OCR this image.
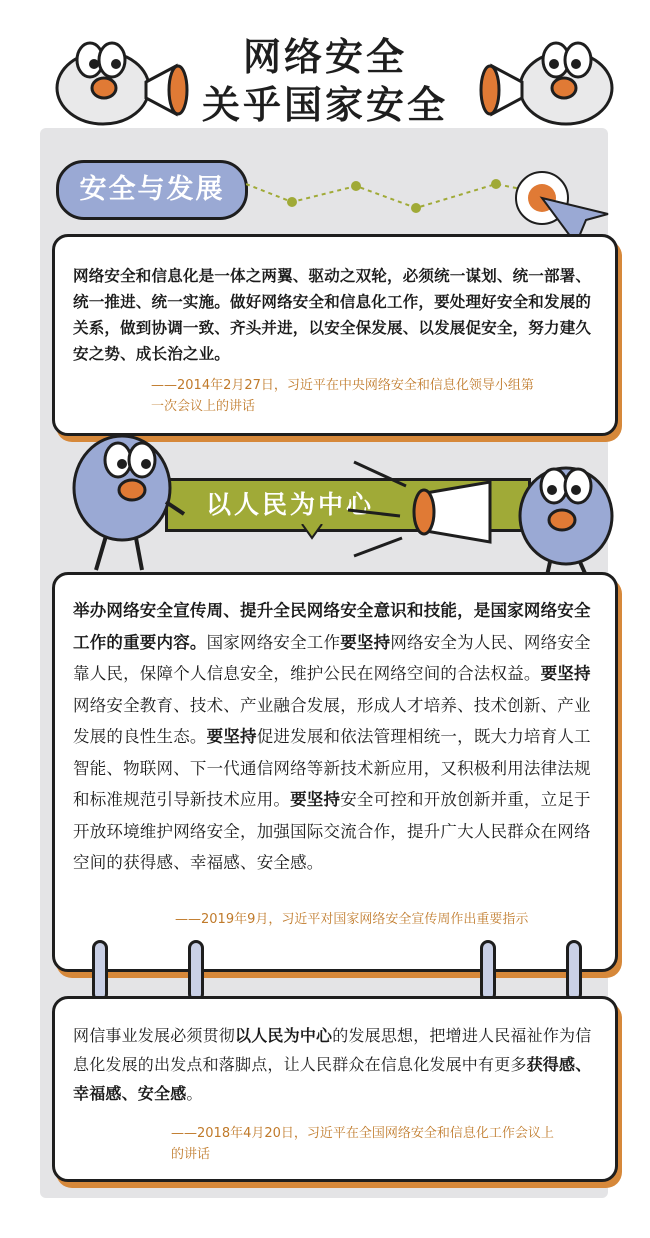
网络安全
关乎国家安全
安全与发展
网络安全和信息化是一体之两翼、驱动之双轮，必须统一谋划、统一部署、统一推进、统一实施。做好网络安全和信息化工作，要处理好安全和发展的关系，做到协调一致、齐头并进，以安全保发展、以发展促安全，努力建久安之势、成长治之业。
——2014年2月27日，习近平在中央网络安全和信息化领导小组第
一次会议上的讲话
以人民为中心
举办网络安全宣传周、提升全民网络安全意识和技能，是国家网络安全工作的重要内容。国家网络安全工作要坚持网络安全为人民、网络安全靠人民，保障个人信息安全，维护公民在网络空间的合法权益。要坚持网络安全教育、技术、产业融合发展，形成人才培养、技术创新、产业发展的良性生态。要坚持促进发展和依法管理相统一，既大力培育人工智能、物联网、下一代通信网络等新技术新应用，又积极利用法律法规和标准规范引导新技术应用。要坚持安全可控和开放创新并重，立足于开放环境维护网络安全，加强国际交流合作，提升广大人民群众在网络空间的获得感、幸福感、安全感。
——2019年9月，习近平对国家网络安全宣传周作出重要指示
网信事业发展必须贯彻以人民为中心的发展思想，把增进人民福祉作为信息化发展的出发点和落脚点，让人民群众在信息化发展中有更多获得感、幸福感、安全感。
——2018年4月20日，习近平在全国网络安全和信息化工作会议上
的讲话
